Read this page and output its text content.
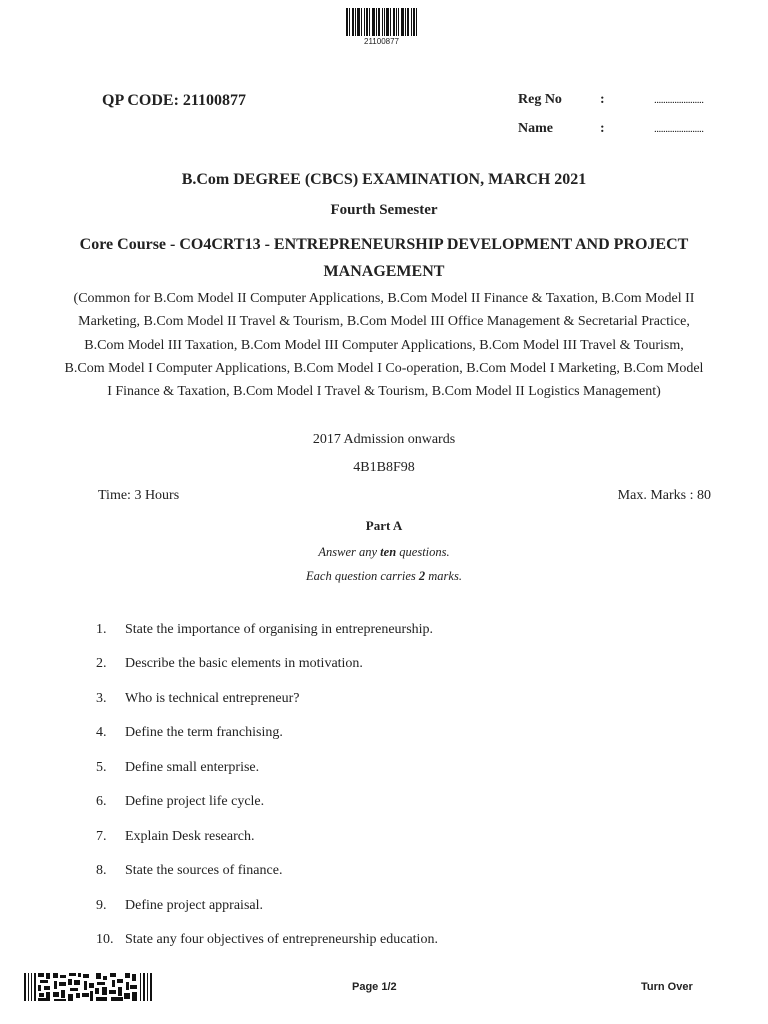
21100877
QP CODE: 21100877	Reg No	:	......................
Name	:	......................
B.Com DEGREE (CBCS) EXAMINATION, MARCH 2021
Fourth Semester
Core Course - CO4CRT13 - ENTREPRENEURSHIP DEVELOPMENT AND PROJECT MANAGEMENT
(Common for B.Com Model II Computer Applications, B.Com Model II Finance & Taxation, B.Com Model II Marketing, B.Com Model II Travel & Tourism, B.Com Model III Office Management & Secretarial Practice, B.Com Model III Taxation, B.Com Model III Computer Applications, B.Com Model III Travel & Tourism, B.Com Model I Computer Applications, B.Com Model I Co-operation, B.Com Model I Marketing, B.Com Model I Finance & Taxation, B.Com Model I Travel & Tourism, B.Com Model II Logistics Management)
2017 Admission onwards
4B1B8F98
Time: 3 Hours	Max. Marks : 80
Part A
Answer any ten questions.
Each question carries 2 marks.
1. State the importance of organising in entrepreneurship.
2. Describe the basic elements in motivation.
3. Who is technical entrepreneur?
4. Define the term franchising.
5. Define small enterprise.
6. Define project life cycle.
7. Explain Desk research.
8. State the sources of finance.
9. Define project appraisal.
10. State any four objectives of entrepreneurship education.
Page 1/2	Turn Over
